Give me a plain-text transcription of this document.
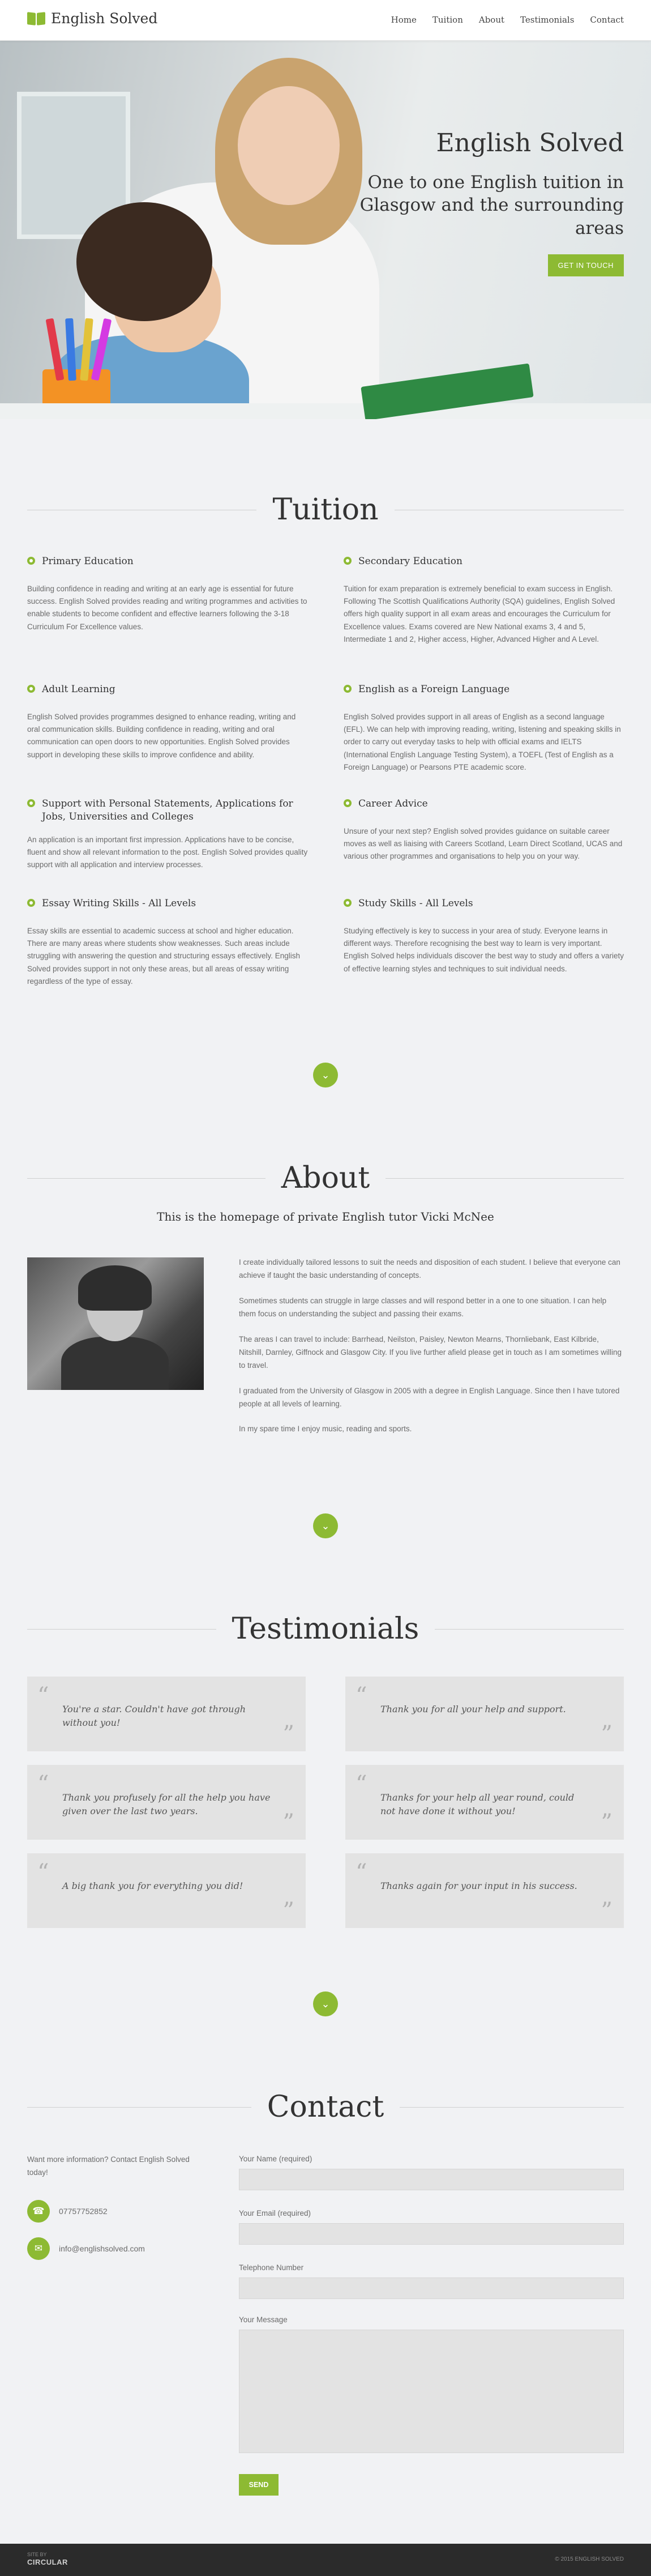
English Solved	Home Tuition About Testimonials Contact
English Solved
One to one English tuition in Glasgow and the surrounding areas
GET IN TOUCH
Tuition
Primary Education

Building confidence in reading and writing at an early age is essential for future success. English Solved provides reading and writing programmes and activities to enable students to become confident and effective learners following the 3-18 Curriculum For Excellence values.

Secondary Education

Tuition for exam preparation is extremely beneficial to exam success in English. Following The Scottish Qualifications Authority (SQA) guidelines, English Solved offers high quality support in all exam areas and encourages the Curriculum for Excellence values. Exams covered are New National exams 3, 4 and 5, Intermediate 1 and 2, Higher access, Higher, Advanced Higher and A Level.

Adult Learning

English Solved provides programmes designed to enhance reading, writing and oral communication skills. Building confidence in reading, writing and oral communication can open doors to new opportunities. English Solved provides support in developing these skills to improve confidence and ability.

English as a Foreign Language

English Solved provides support in all areas of English as a second language (EFL). We can help with improving reading, writing, listening and speaking skills in order to carry out everyday tasks to help with official exams and IELTS (International English Language Testing System), a TOEFL (Test of English as a Foreign Language) or Pearsons PTE academic score.

Support with Personal Statements, Applications for Jobs, Universities and Colleges

An application is an important first impression. Applications have to be concise, fluent and show all relevant information to the post. English Solved provides quality support with all application and interview processes.

Career Advice

Unsure of your next step? English solved provides guidance on suitable career moves as well as liaising with Careers Scotland, Learn Direct Scotland, UCAS and various other programmes and organisations to help you on your way.

Essay Writing Skills - All Levels

Essay skills are essential to academic success at school and higher education. There are many areas where students show weaknesses. Such areas include struggling with answering the question and structuring essays effectively. English Solved provides support in not only these areas, but all areas of essay writing regardless of the type of essay.

Study Skills - All Levels

Studying effectively is key to success in your area of study. Everyone learns in different ways. Therefore recognising the best way to learn is very important. English Solved helps individuals discover the best way to study and offers a variety of effective learning styles and techniques to suit individual needs.

⌄
About
This is the homepage of private English tutor Vicki McNee

I create individually tailored lessons to suit the needs and disposition of each student. I believe that everyone can achieve if taught the basic understanding of concepts.

Sometimes students can struggle in large classes and will respond better in a one to one situation. I can help them focus on understanding the subject and passing their exams.

The areas I can travel to include: Barrhead, Neilston, Paisley, Newton Mearns, Thornliebank, East Kilbride, Nitshill, Darnley, Giffnock and Glasgow City. If you live further afield please get in touch as I am sometimes willing to travel.

I graduated from the University of Glasgow in 2005 with a degree in English Language. Since then I have tutored people at all levels of learning.

In my spare time I enjoy music, reading and sports.

⌄
Testimonials
“
You're a star. Couldn't have got through without you!	”
“
Thank you for all your help and support.
”
“
Thank you profusely for all the help you have given over the last two years.	”
“
Thanks for your help all year round, could not have done it without you!	”
“
A big thank you for everything you did!
”
“
Thanks again for your input in his success.
”
⌄
Contact

Want more information? Contact English Solved today!

☎	07757752852
✉	info@englishsolved.com
Your Name (required)
Your Email (required)
Telephone Number
Your Message
SEND
SITE BY
CIRCULAR	© 2015 ENGLISH SOLVED
